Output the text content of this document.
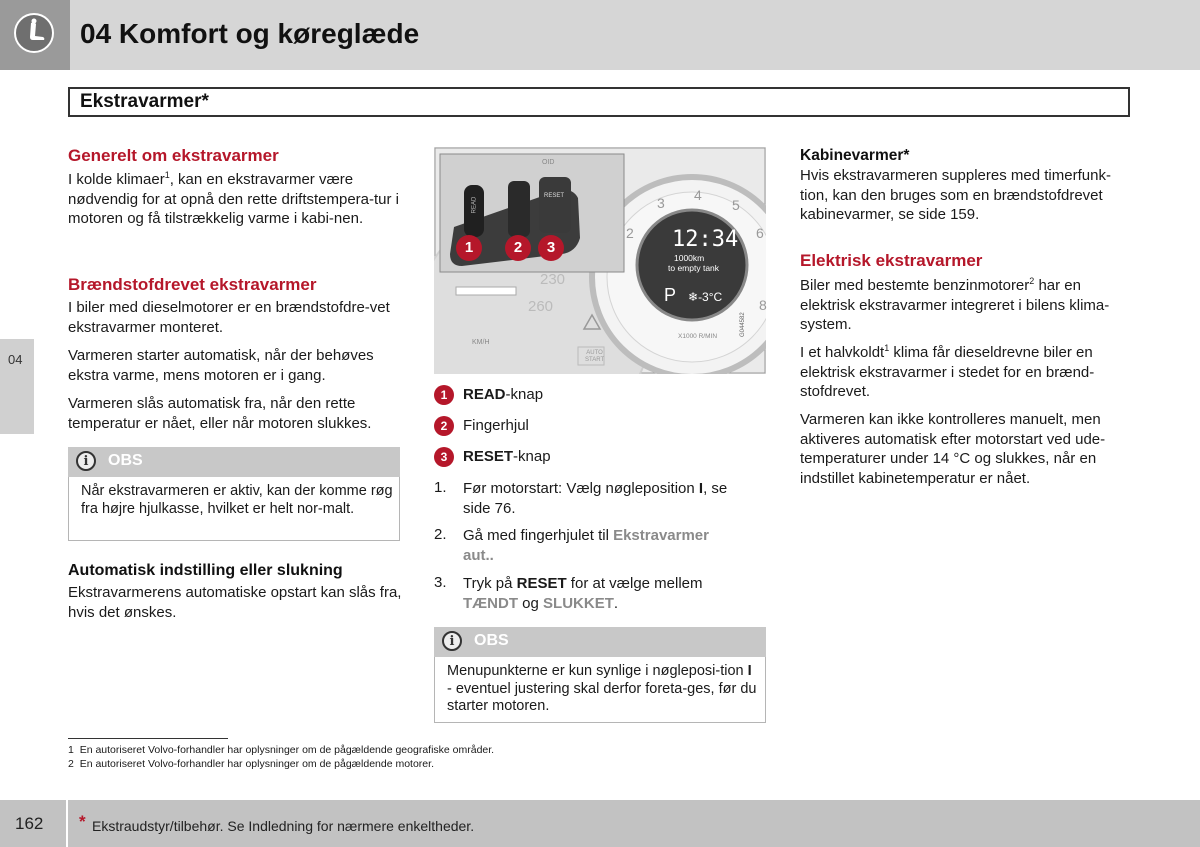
04 Komfort og køreglæde
Ekstravarmer*
04
Generelt om ekstravarmer

I kolde klimaer$^1$, kan en ekstravarmer være nødvendig for at opnå den rette driftstempera-tur i motoren og få tilstrækkelig varme i kabi-nen.

Brændstofdrevet ekstravarmer

I biler med dieselmotorer er en brændstofdre-vet ekstravarmer monteret.

Varmeren starter automatisk, når der behøves ekstra varme, mens motoren er i gang.

Varmeren slås automatisk fra, når den rette temperatur er nået, eller når motoren slukkes.

i	OBS

Når ekstravarmeren er aktiv, kan der komme røg fra højre hjulkasse, hvilket er helt nor-malt.

Automatisk indstilling eller slukning

Ekstravarmerens automatiske opstart kan slås fra, hvis det ønskes.

READ
RESET
OID
1	2	3
2
3 4
5
6
8
12:34
1000km
to empty tank
P ❄-3°C
230
260
KM/H
X1000 R/MIN
AUTO
START
G044582
1	READ-knap
2	Fingerhjul
3	RESET-knap
1. Før motorstart: Vælg nøgleposition I, se
side 76.
2. Gå med fingerhjulet til Ekstravarmer
aut..
3. Tryk på RESET for at vælge mellem
TÆNDT og SLUKKET.
i	OBS

Menupunkterne er kun synlige i nøgleposi-tion I - eventuel justering skal derfor foreta-ges, før du starter motoren.

Kabinevarmer*

Hvis ekstravarmeren suppleres med timerfunk-tion, kan den bruges som en brændstofdrevet kabinevarmer, se side 159.

Elektrisk ekstravarmer

Biler med bestemte benzinmotorer$^2$ har en elektrisk ekstravarmer integreret i bilens klima-system.

I et halvkoldt$^1$ klima får dieseldrevne biler en elektrisk ekstravarmer i stedet for en brænd-stofdrevet.

Varmeren kan ikke kontrolleres manuelt, men aktiveres automatisk efter motorstart ved ude-temperaturer under 14 °C og slukkes, når en indstillet kabinetemperatur er nået.

1 En autoriseret Volvo-forhandler har oplysninger om de pågældende geografiske områder.
2 En autoriseret Volvo-forhandler har oplysninger om de pågældende motorer.
162 * Ekstraudstyr/tilbehør. Se Indledning for nærmere enkeltheder.
